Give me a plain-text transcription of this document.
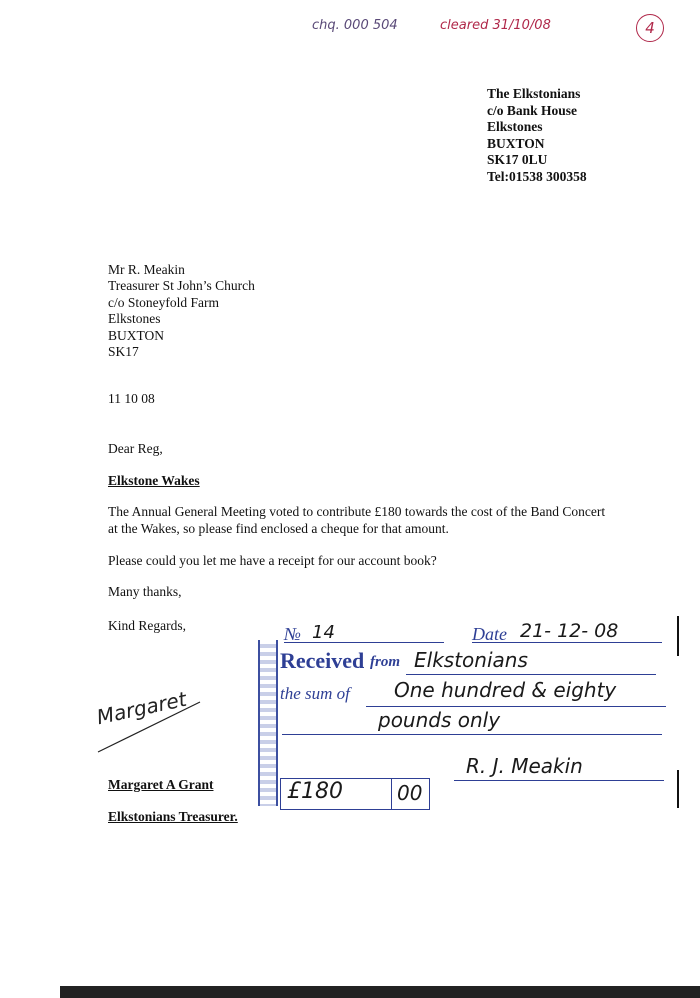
chq. 000 504	cleared 31/10/08	4
The Elkstonians
c/o Bank House
Elkstones
BUXTON
SK17 0LU
Tel:01538 300358
Mr R. Meakin
Treasurer St John’s Church
c/o Stoneyfold Farm
Elkstones
BUXTON
SK17
11 10 08
Dear Reg,
Elkstone Wakes
The Annual General Meeting voted to contribute £180 towards the cost of the Band Concert at the Wakes, so please find enclosed a cheque for that amount.
Please could you let me have a receipt for our account book?
Many thanks,
Kind Regards,
Margaret
Margaret A Grant
Elkstonians Treasurer.
№ 14	Date 21- 12- 08
Received from Elkstonians
the sum of One hundred & eighty
pounds only
R. J. Meakin
£180	00
